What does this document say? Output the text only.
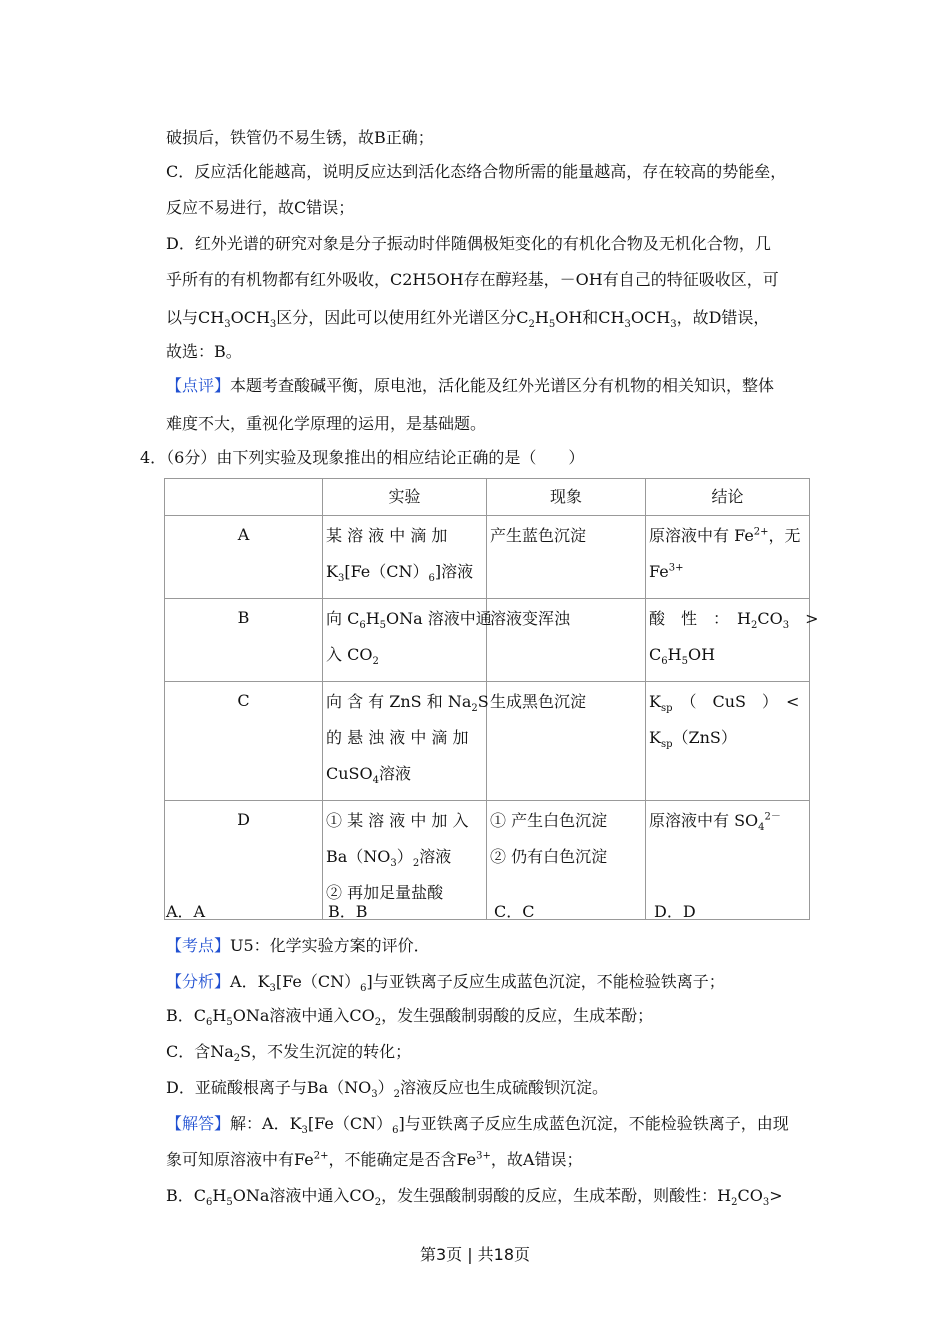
破损后，铁管仍不易生锈，故B正确；
C．反应活化能越高，说明反应达到活化态络合物所需的能量越高，存在较高的势能垒，
反应不易进行，故C错误；
D．红外光谱的研究对象是分子振动时伴随偶极矩变化的有机化合物及无机化合物，几
乎所有的有机物都有红外吸收，C2H5OH存在醇羟基，－OH有自己的特征吸收区，可
以与$CH_3OCH_3$区分，因此可以使用红外光谱区分$C_2H_5OH$和$CH_3OCH_3$，故D错误，
故选：B。
【点评】本题考查酸碱平衡，原电池，活化能及红外光谱区分有机物的相关知识，整体
难度不大，重视化学原理的运用，是基础题。
4．（6分）由下列实验及现象推出的相应结论正确的是（　　）
	实验	现象	结论
A	某 溶 液 中 滴 加
$K_3[Fe(CN)_6]$溶液	产生蓝色沉淀	原溶液中有 $Fe^{2+}$，无
$Fe^{3+}$

B	向 $C_6H_5ONa$ 溶液中通
入 $CO_2$	溶液变浑浊	酸　性　：　$H_2CO_3$　>
$C_6H_5OH$

C	向 含 有 ZnS 和 $Na_2S$
的 悬 浊 液 中 滴 加
CuSO$_4$溶液	生成黑色沉淀	$K_{sp}$　（　CuS　）　<
$K_{sp}(ZnS)$

D	① 某 溶 液 中 加 入
$Ba(NO_3)_2$溶液
② 再加足量盐酸	① 产生白色沉淀
② 仍有白色沉淀	原溶液中有 $SO_4^{2-}$
A．A	B．B	C．C	D．D
【考点】U5：化学实验方案的评价．
【分析】A．$K_3[Fe(CN)_6]$与亚铁离子反应生成蓝色沉淀，不能检验铁离子；
B．$C_6H_5ONa$溶液中通入$CO_2$，发生强酸制弱酸的反应，生成苯酚；
C．含$Na_2S$，不发生沉淀的转化；
D．亚硫酸根离子与$Ba(NO_3)_2$溶液反应也生成硫酸钡沉淀。
【解答】解：A．$K_3[Fe(CN)_6]$与亚铁离子反应生成蓝色沉淀，不能检验铁离子，由现
象可知原溶液中有$Fe^{2+}$，不能确定是否含$Fe^{3+}$，故A错误；
B．$C_6H_5ONa$溶液中通入$CO_2$，发生强酸制弱酸的反应，生成苯酚，则酸性：$H_2CO_3>$
第3页 | 共18页
